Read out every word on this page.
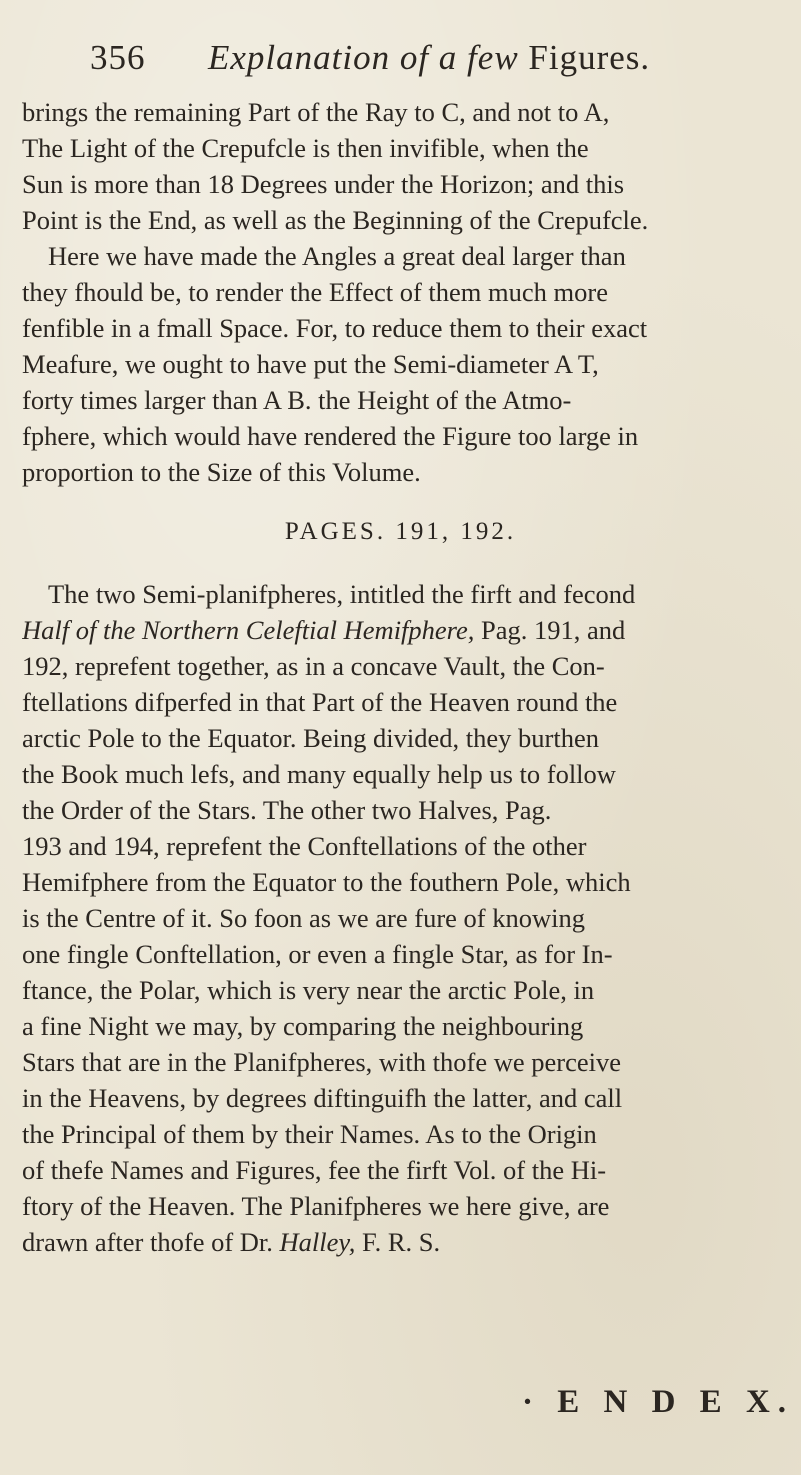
356 Explanation of a few Figures.
brings the remaining Part of the Ray to C, and not to A,
The Light of the Crepufcle is then invifible, when the
Sun is more than 18 Degrees under the Horizon; and this
Point is the End, as well as the Beginning of the Crepufcle.
Here we have made the Angles a great deal larger than
they fhould be, to render the Effect of them much more
fenfible in a fmall Space. For, to reduce them to their exact
Meafure, we ought to have put the Semi-diameter A T,
forty times larger than A B. the Height of the Atmo-
fphere, which would have rendered the Figure too large in
proportion to the Size of this Volume.
PAGES. 191, 192.
The two Semi-planifpheres, intitled the firft and fecond
Half of the Northern Celeftial Hemifphere, Pag. 191, and
192, reprefent together, as in a concave Vault, the Con-
ftellations difperfed in that Part of the Heaven round the
arctic Pole to the Equator. Being divided, they burthen
the Book much lefs, and many equally help us to follow
the Order of the Stars. The other two Halves, Pag.
193 and 194, reprefent the Conftellations of the other
Hemifphere from the Equator to the fouthern Pole, which
is the Centre of it. So foon as we are fure of knowing
one fingle Conftellation, or even a fingle Star, as for In-
ftance, the Polar, which is very near the arctic Pole, in
a fine Night we may, by comparing the neighbouring
Stars that are in the Planifpheres, with thofe we perceive
in the Heavens, by degrees diftinguifh the latter, and call
the Principal of them by their Names. As to the Origin
of thefe Names and Figures, fee the firft Vol. of the Hi-
ftory of the Heaven. The Planifpheres we here give, are
drawn after thofe of Dr. Halley, F. R. S.
· E N D E X.
